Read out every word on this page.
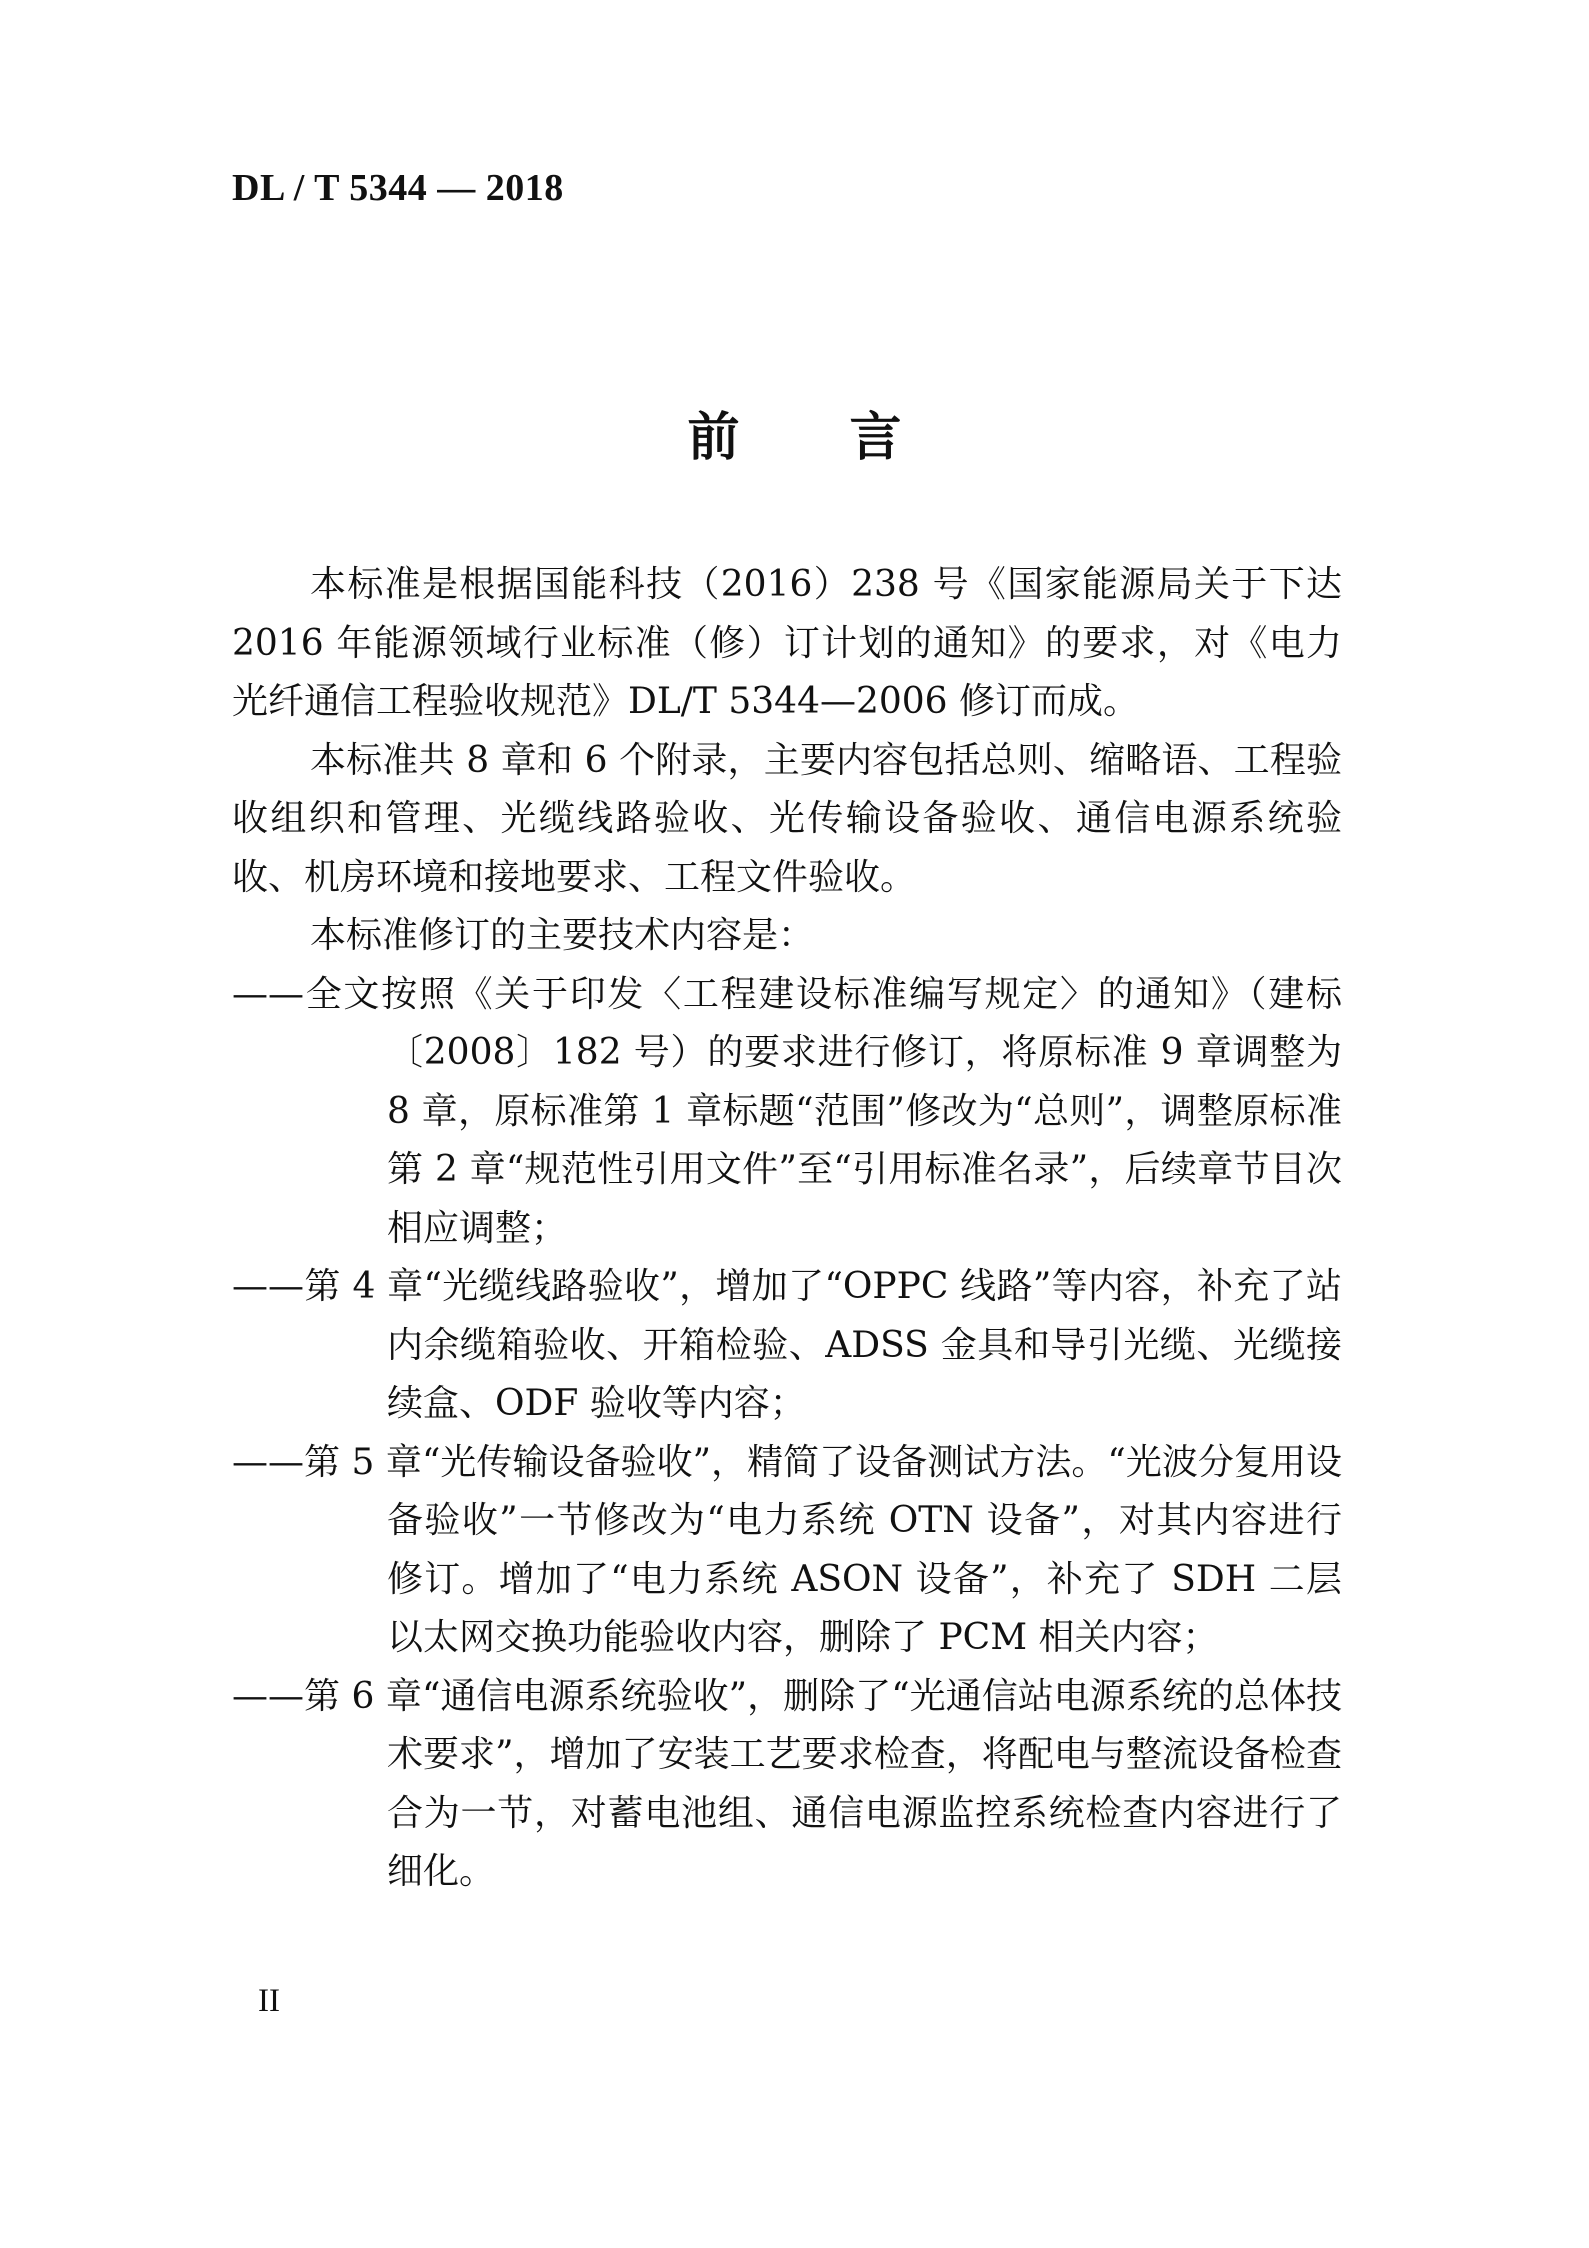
DL / T 5344 — 2018
前 言

本标准是根据国能科技（2016）238 号《国家能源局关于下达 2016 年能源领域行业标准（修）订计划的通知》的要求，对《电力光纤通信工程验收规范》DL/T 5344—2006 修订而成。

本标准共 8 章和 6 个附录，主要内容包括总则、缩略语、工程验收组织和管理、光缆线路验收、光传输设备验收、通信电源系统验收、机房环境和接地要求、工程文件验收。

本标准修订的主要技术内容是：

——全文按照《关于印发〈工程建设标准编写规定〉的通知》（建标〔2008〕182 号）的要求进行修订，将原标准 9 章调整为 8 章，原标准第 1 章标题“范围”修改为“总则”，调整原标准第 2 章“规范性引用文件”至“引用标准名录”，后续章节目次相应调整；

——第 4 章“光缆线路验收”，增加了“OPPC 线路”等内容，补充了站内余缆箱验收、开箱检验、ADSS 金具和导引光缆、光缆接续盒、ODF 验收等内容；

——第 5 章“光传输设备验收”，精简了设备测试方法。“光波分复用设备验收”一节修改为“电力系统 OTN 设备”，对其内容进行修订。增加了“电力系统 ASON 设备”，补充了 SDH 二层以太网交换功能验收内容，删除了 PCM 相关内容；

——第 6 章“通信电源系统验收”，删除了“光通信站电源系统的总体技术要求”，增加了安装工艺要求检查，将配电与整流设备检查合为一节，对蓄电池组、通信电源监控系统检查内容进行了细化。

II
